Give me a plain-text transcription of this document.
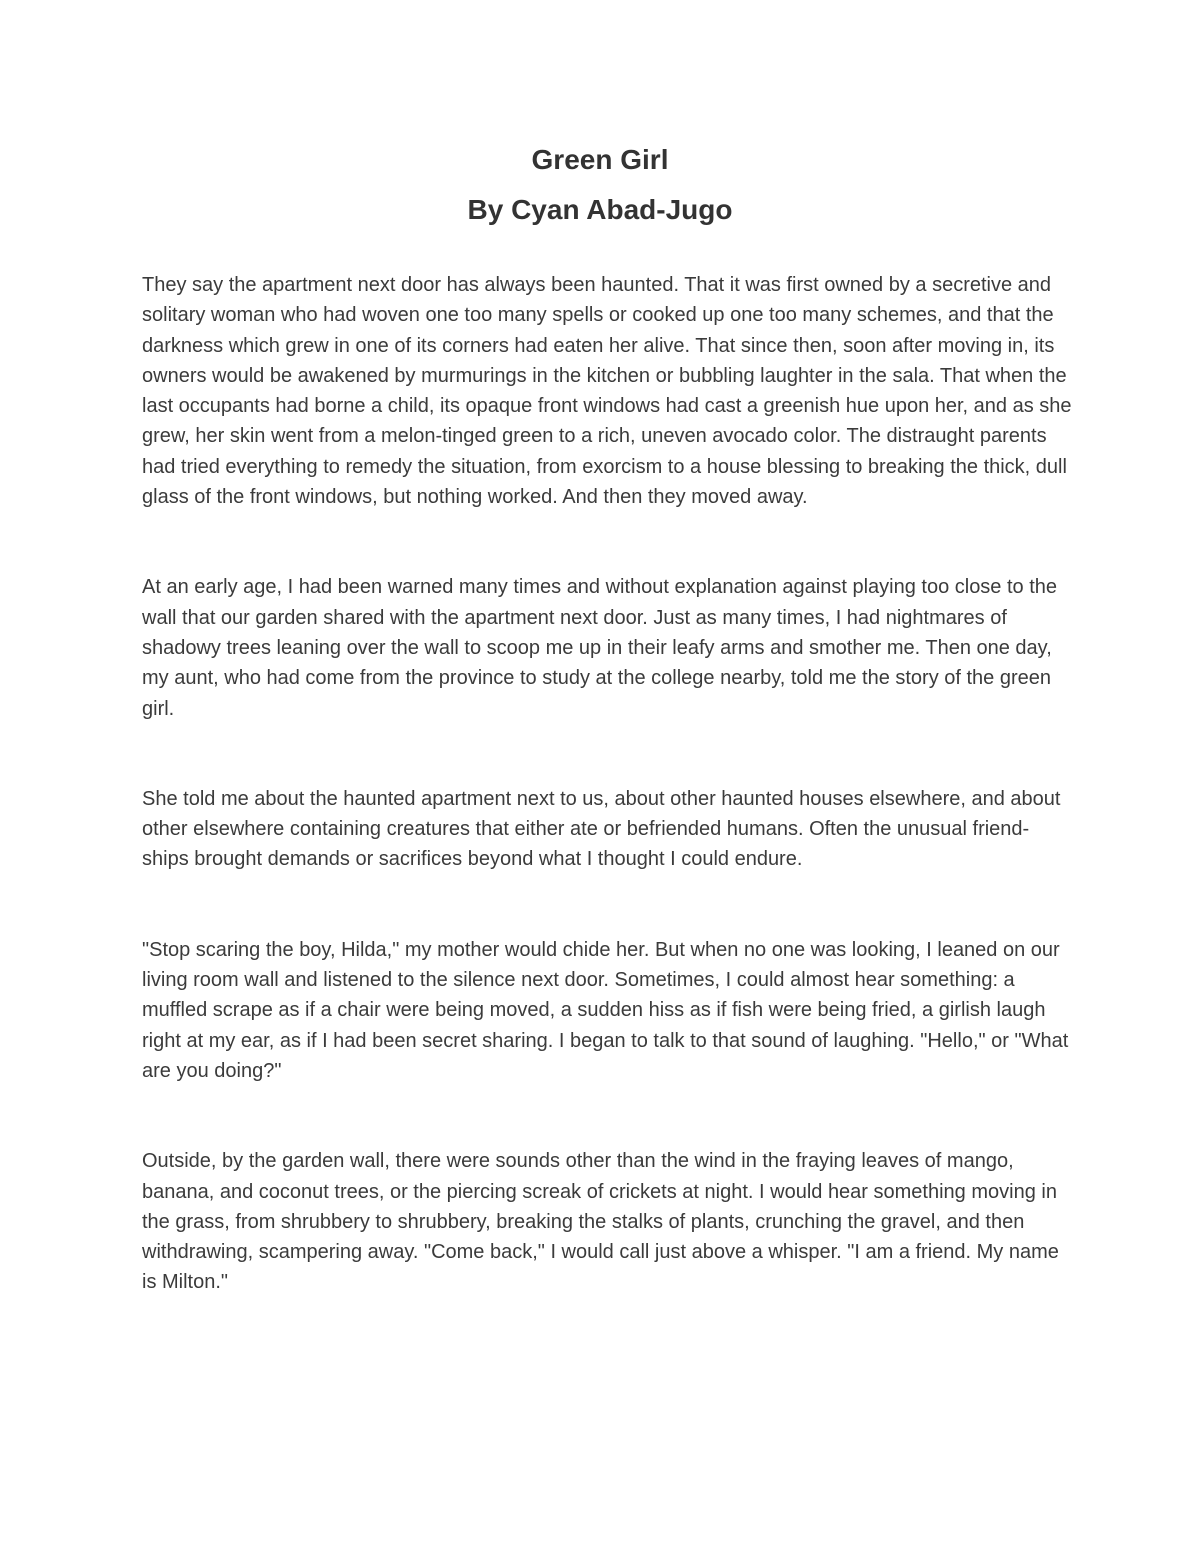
Green Girl
By Cyan Abad-Jugo

They say the apartment next door has always been haunted. That it was first owned by a secretive and solitary woman who had woven one too many spells or cooked up one too many schemes, and that the darkness which grew in one of its corners had eaten her alive. That since then, soon after moving in, its owners would be awakened by murmurings in the kitchen or bubbling laughter in the sala. That when the last occupants had borne a child, its opaque front windows had cast a greenish hue upon her, and as she grew, her skin went from a melon-tinged green to a rich, uneven avocado color. The distraught parents had tried everything to remedy the situation, from exorcism to a house blessing to breaking the thick, dull glass of the front windows, but nothing worked. And then they moved away.

At an early age, I had been warned many times and without explanation against playing too close to the wall that our garden shared with the apartment next door. Just as many times, I had nightmares of shadowy trees leaning over the wall to scoop me up in their leafy arms and smother me. Then one day, my aunt, who had come from the province to study at the college nearby, told me the story of the green girl.

She told me about the haunted apartment next to us, about other haunted houses elsewhere, and about other elsewhere containing creatures that either ate or befriended humans. Often the unusual friend-ships brought demands or sacrifices beyond what I thought I could endure.

"Stop scaring the boy, Hilda," my mother would chide her. But when no one was looking, I leaned on our living room wall and listened to the silence next door. Sometimes, I could almost hear something: a muffled scrape as if a chair were being moved, a sudden hiss as if fish were being fried, a girlish laugh right at my ear, as if I had been secret sharing. I began to talk to that sound of laughing. "Hello," or "What are you doing?"

Outside, by the garden wall, there were sounds other than the wind in the fraying leaves of mango, banana, and coconut trees, or the piercing screak of crickets at night. I would hear something moving in the grass, from shrubbery to shrubbery, breaking the stalks of plants, crunching the gravel, and then withdrawing, scampering away. "Come back," I would call just above a whisper. "I am a friend. My name is Milton."
